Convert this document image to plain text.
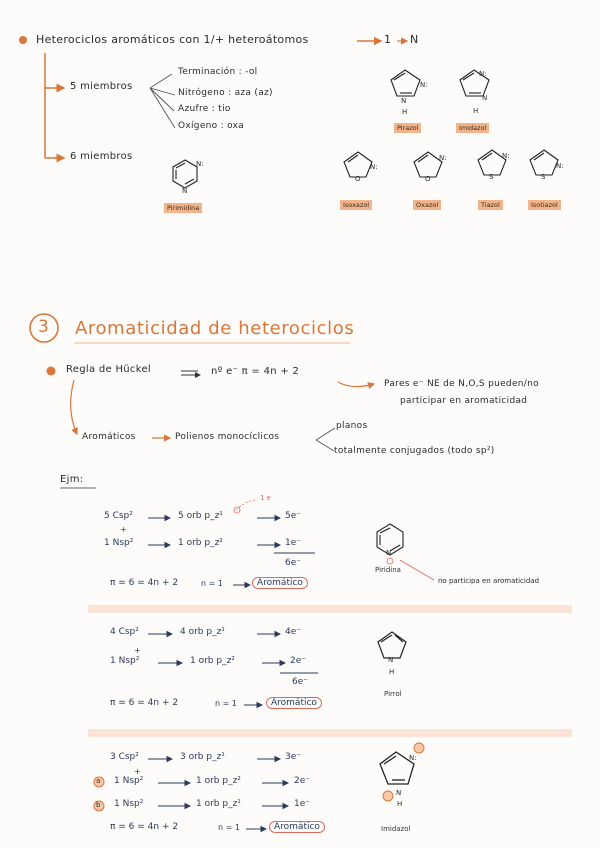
Heterociclos aromáticos con 1/+ heteroátomos	1 N
5 miembros
Terminación : -ol
Nitrógeno : aza (az)
Azufre : tio
Oxígeno : oxa
6 miembros
N:
N
H
N:
N
H
N:
N
N:
O
N:
O
N:
S
N:
S
Pirazol	Imidazol
Pirimidina	Isoxazol	Oxazol	Tiazol	Isotiazol
3 Aromaticidad de heterociclos
Regla de Hückel	nº e⁻ π = 4n + 2
Pares e⁻ NE de N,O,S pueden/no
participar en aromaticidad
Aromáticos	Polienos monocíclicos
planos
totalmente conjugados (todo sp²)
Ejm:
5 Csp²	5 orb p_z¹	5e⁻
1 e
+
1 Nsp²	1 orb p_z²	1e⁻
6e⁻
π = 6 = 4n + 2	n = 1	Aromático
N
Piridina
no participa en aromaticidad
4 Csp²	4 orb p_z¹	4e⁻
+
1 Nsp²	1 orb p_z²	2e⁻
6e⁻
π = 6 = 4n + 2	n = 1	Aromático
N
H
Pirrol
3 Csp²	3 orb p_z¹	3e⁻
+
a 1 Nsp²	1 orb p_z²	2e⁻
b 1 Nsp²	1 orb p_z¹	1e⁻
π = 6 = 4n + 2	n = 1	Aromático
N:
N
H
Imidazol
